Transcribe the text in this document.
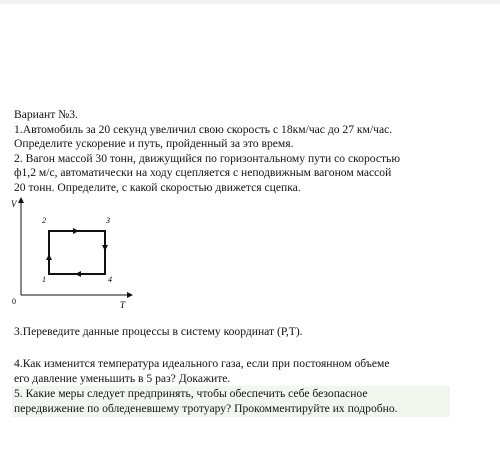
Вариант №3.
1.Автомобиль за 20 секунд увеличил свою скорость с 18км/час до 27 км/час.
Определите ускорение и путь, пройденный за это время.
2. Вагон массой 30 тонн, движущийся по горизонтальному пути со скоростью
ф1,2 м/с, автоматически на ходу сцепляется с неподвижным вагоном массой
20 тонн. Определите, с какой скоростью движется сцепка.
V
T
0
1
2	3
4
3.Переведите данные процессы в систему координат (Р,Т).
4.Как изменится температура идеального газа, если при постоянном объеме
его давление уменьшить в 5 раз? Докажите.
5. Какие меры следует предпринять, чтобы обеспечить себе безопасное
передвижение по обледеневшему тротуару? Прокомментируйте их подробно.
